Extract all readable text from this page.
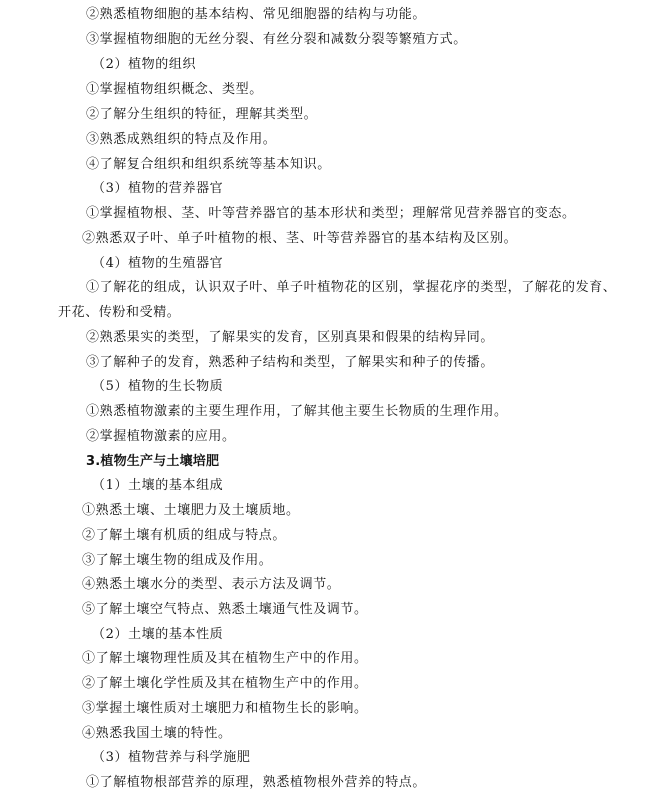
②熟悉植物细胞的基本结构、常见细胞器的结构与功能。
③掌握植物细胞的无丝分裂、有丝分裂和减数分裂等繁殖方式。
（2）植物的组织
①掌握植物组织概念、类型。
②了解分生组织的特征，理解其类型。
③熟悉成熟组织的特点及作用。
④了解复合组织和组织系统等基本知识。
（3）植物的营养器官
①掌握植物根、茎、叶等营养器官的基本形状和类型；理解常见营养器官的变态。
②熟悉双子叶、单子叶植物的根、茎、叶等营养器官的基本结构及区别。
（4）植物的生殖器官
①了解花的组成，认识双子叶、单子叶植物花的区别，掌握花序的类型，了解花的发育、
开花、传粉和受精。
②熟悉果实的类型，了解果实的发育，区别真果和假果的结构异同。
③了解种子的发育，熟悉种子结构和类型，了解果实和种子的传播。
（5）植物的生长物质
①熟悉植物激素的主要生理作用，了解其他主要生长物质的生理作用。
②掌握植物激素的应用。
3.植物生产与土壤培肥
（1）土壤的基本组成
①熟悉土壤、土壤肥力及土壤质地。
②了解土壤有机质的组成与特点。
③了解土壤生物的组成及作用。
④熟悉土壤水分的类型、表示方法及调节。
⑤了解土壤空气特点、熟悉土壤通气性及调节。
（2）土壤的基本性质
①了解土壤物理性质及其在植物生产中的作用。
②了解土壤化学性质及其在植物生产中的作用。
③掌握土壤性质对土壤肥力和植物生长的影响。
④熟悉我国土壤的特性。
（3）植物营养与科学施肥
①了解植物根部营养的原理，熟悉植物根外营养的特点。
